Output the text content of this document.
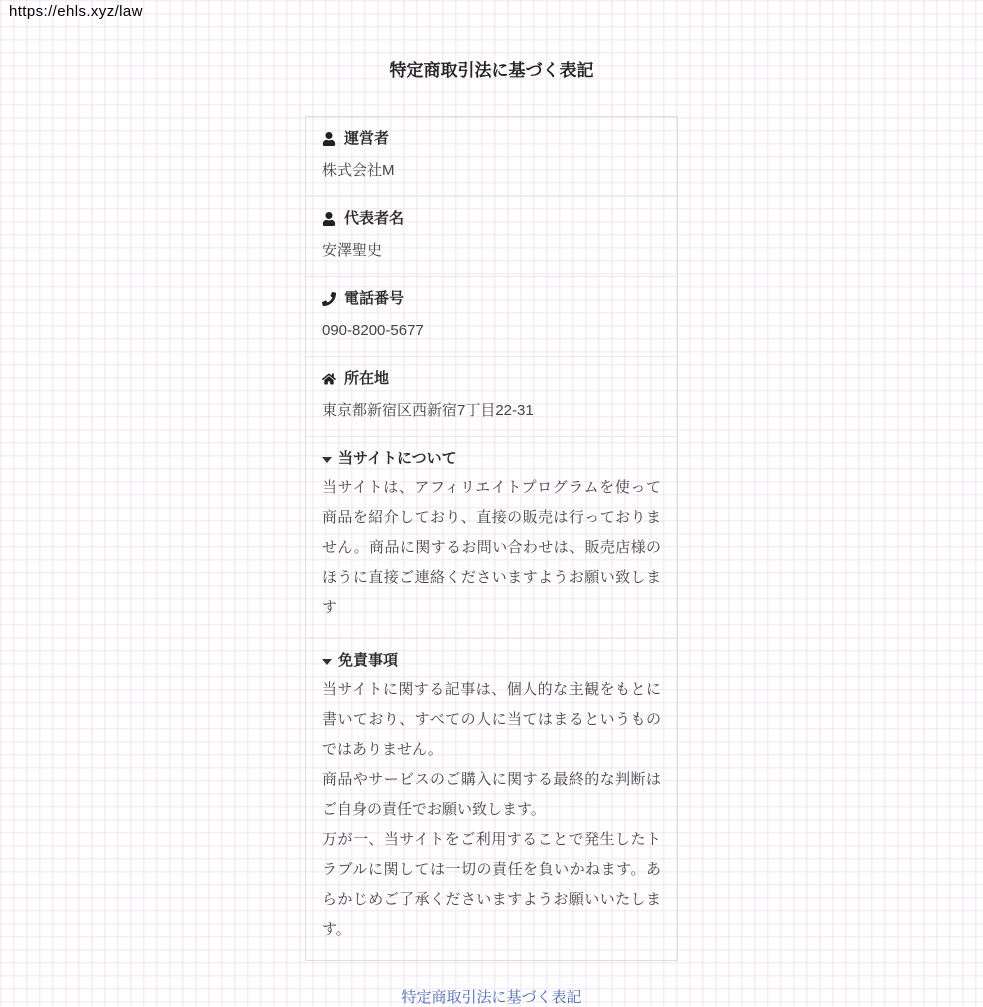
https://ehls.xyz/law
特定商取引法に基づく表記
運営者
株式会社M
代表者名
安澤聖史
電話番号
090-8200-5677
所在地
東京都新宿区西新宿7丁目22-31
当サイトについて

当サイトは、アフィリエイトプログラムを使って商品を紹介しており、直接の販売は行っておりません。商品に関するお問い合わせは、販売店様のほうに直接ご連絡くださいますようお願い致します

免責事項

当サイトに関する記事は、個人的な主観をもとに書いており、すべての人に当てはまるというものではありません。

商品やサービスのご購入に関する最終的な判断はご自身の責任でお願い致します。

万が一、当サイトをご利用することで発生したトラブルに関しては一切の責任を負いかねます。あらかじめご了承くださいますようお願いいたします。

特定商取引法に基づく表記
